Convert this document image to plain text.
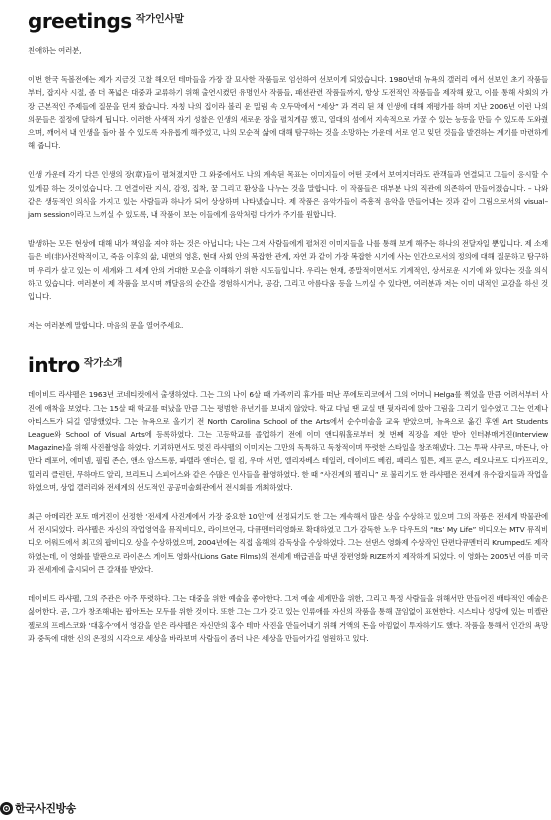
greetings 작가인사말

친애하는 여러분,

이번 한국 독볼전에는 제가 지금것 고찰 해오던 테마들을 가장 잘 묘사한 작품들로 엄선하여 선보이게 되었습니다. 1980년대 뉴욕의 갤러리 에서 선보인 초기 작품들부터, 잡지사 시절, 좀 더 폭넓은 대중과 교류하기 위해 출연시켰던 유명인사 작품들, 패션관련 작품들까지, 항상 도전적인 작품들을 제작해 왔고, 이를 통해 사회의 가장 근본적인 주제들에 질문을 던져 왔습니다. 자칭 나의 집이라 볼리 운 밀림 속 오두막에서 “세상” 과 격리 된 채 인생에 대해 재평가를 하며 지난 2006년 이런 나의 의문들은 절정에 달하게 됩니다. 이러한 사색적 자기 성찰은 인생의 새로운 장을 펼치게끔 했고, 열대의 섬에서 지속적으로 가꿀 수 있는 능동을 만들 수 있도록 도와줬으며, 깨어서 내 인생을 돌아 볼 수 있도록 자유롭게 해주었고, 나의 모순적 삶에 대해 탐구하는 것을 소망하는 가운데 서로 얻고 잊던 것들을 발견하는 계기를 마련하게 해 줍니다.

인생 가운데 각기 다른 인생의 장(章)들이 펼쳐졌지만 그 와중에서도 나의 계속된 목표는 이미지들이 어떤 곳에서 보여지더라도 관객들과 연결되고 그들이 응시할 수 있게끔 하는 것이었습니다. 그 연결이란 지식, 감정, 집착, 꿈 그리고 환상을 나누는 것을 말합니다. 이 작품들은 대부분 나의 직관에 의존하여 만들어졌습니다. – 나와 같은 생동적인 의식을 가지고 있는 사람들과 하나가 되어 상상하며 나타냈습니다. 제 작품은 음악가들이 즉흥적 음악을 만들어내는 것과 같이 그림으로서의 visual–jam session이라고 느끼실 수 있도록, 내 작품이 보는 이들에게 음악처럼 다가가 주기를 원합니다.

발생하는 모든 현상에 대해 내가 책임을 져야 하는 것은 아닙니다; 나는 그저 사람들에게 펼쳐진 이미지들을 나를 통해 보게 해주는 하나의 전달자일 뿐입니다. 제 소재들은 비(非)사진학적이고, 죽음 이후의 삶, 내면의 영혼, 현대 사회 안의 복잡한 관계, 자연 과 같이 가장 복잡한 시기에 사는 인간으로서의 정의에 대해 질문하고 탐구하며 우리가 살고 있는 이 세계와 그 세계 안의 거대한 모순을 이해하기 위한 시도들입니다. 우리는 현재, 종말적이면서도 기계적인, 상서로운 시기에 와 있다는 것을 의식하고 있습니다. 여러분이 제 작품을 보시며 깨달음의 순간을 경험하시거나, 공감, 그리고 아름다움 등을 느끼실 수 있다면, 여러분과 저는 이미 내적인 교감을 하신 것 입니다.

저는 여러분께 말합니다. 마음의 문을 열어주세요.

intro 작가소개

데이비드 라샤펠은 1963년 코네티컷에서 출생하였다. 그는 그의 나이 6살 때 가족끼리 휴가를 떠난 푸에토리코에서 그의 어머니 Helga를 찍었을 만큼 어려서부터 사진에 애착을 보였다. 그는 15살 때 학교를 떠났을 만큼 그는 평범한 유년기를 보내지 않았다. 학교 다닐 땐 교실 맨 뒷자리에 앉아 그림을 그리기 일수였고 그는 언제나 아티스트가 되길 열망했었다. 그는 뉴욕으로 올기기 전 North Carolina School of the Arts에서 순수미술을 교육 받았으며, 뉴욕으로 옮긴 후엔 Art Students League와 School of Visual Arts에 등록하였다. 그는 고등학교를 졸업하기 전에 이미 앤디워홀로부터 첫 번째 직장을 제안 받아 인터뷰매거진(Interview Magazine)을 위해 사진촬영을 하였다. 기괴하면서도 멋진 라샤펠의 이미지는 그만의 독특하고 독창적이며 뚜렷한 스타일을 창조해냈다. 그는 투팍 샤쿠르, 마돈나, 아만다 레포어, 에미넴, 필립 존슨, 앤소 암스트롱, 파멜라 앤더슨, 릴 킴, 우마 서먼, 엘리자베스 테일러, 데이비드 베컴, 패리스 힐튼, 제프 쿤스, 레오나르도 디카프리오, 힐러리 클린턴, 무하마드 알리, 브리트니 스피어스와 같은 수많은 인사들을 촬영하였다. 한 때 “사진계의 펠리니” 로 불리기도 한 라샤펠은 전세계 유수잡지들과 작업을 하였으며, 상업 갤러리와 전세계의 선도적인 공공미술회관에서 전시회를 개최하였다.

최근 아메리칸 포토 매거진이 선정한 ‘전세계 사진계에서 가장 중요한 10인’에 선정되기도 한 그는 계속해서 많은 상을 수상하고 있으며 그의 작품은 전세계 박물관에서 전시되었다. 라샤펠은 자신의 작업영역을 뮤직비디오, 라이브연극, 다큐멘터리영화로 확대하였고 그가 감독한 노우 다우트의 “Its’ My Life” 비디오는 MTV 뮤직비디오 어워드에서 최고의 팝비디오 상을 수상하였으며, 2004년에는 직접 올해의 감독상을 수상하였다. 그는 선댄스 영화제 수상작인 단편다큐멘터리 Krumped도 제작하였는데, 이 영화를 발판으로 라이온스 게이트 영화사(Lions Gate Films)의 전세계 배급권을 따낸 장편영화 RIZE까지 제작하게 되었다. 이 영화는 2005년 여름 미국과 전세계에 출시되어 큰 갈채를 받았다.

데이비드 라샤펠, 그의 주관은 아주 뚜렷하다. 그는 대중을 위한 예술을 좋아한다. 그저 예술 세계만을 위한, 그리고 특정 사람들을 위해서만 만들어진 배타적인 예술은 싫어한다. 곧, 그가 창조해내는 팝아트는 모두를 위한 것이다. 또한 그는 그가 갖고 있는 인류애를 자신의 작품을 통해 끊임없이 표현한다. 시스티나 성당에 있는 미켈란젤로의 프레스코화 ‘대홍수’에서 영감을 얻은 라샤펠은 자신만의 홍수 테마 사진을 만들어내기 위해 거액의 돈을 아낌없이 투자하기도 했다. 작품을 통해서 인간의 욕망과 중독에 대한 신의 온정의 시각으로 세상을 바라보며 사람들이 좀더 나은 세상을 만들어가길 염원하고 있다.

한국사진방송
